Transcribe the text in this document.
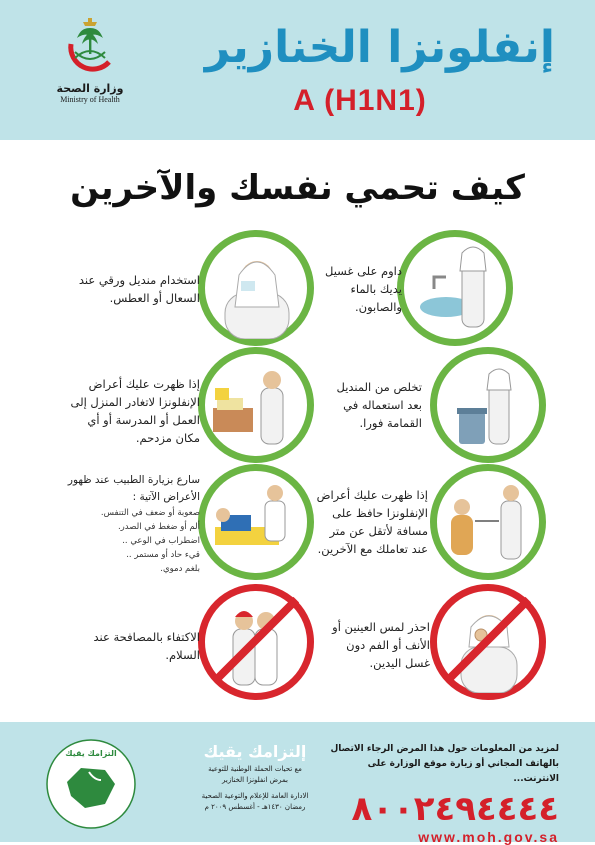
وزارة الصحة
Ministry of Health
إنفلونزا الخنازير
A (H1N1)
كيف تحمي نفسك والآخرين
داوم على غسيل يديك بالماء والصابون.
استخدام منديل ورقي عند السعال أو العطس.
تخلص من المنديل بعد استعماله في القمامة فورا.
إذا ظهرت عليك أعراض الإنفلونزا لاتغادر المنزل إلى العمل أو المدرسة أو أي مكان مزدحم.
إذا ظهرت عليك أعراض الإنفلونزا حافظ على مسافة لأتقل عن متر عند تعاملك مع الآخرين.
سارع بزيارة الطبيب عند ظهور الأعراض الآتية :
صعوبة أو ضعف في التنفس.
ألم أو ضغط في الصدر.
اضطراب في الوعي ..
قيء حاد أو مستمر ..
بلغم دموي.
احذر لمس العينين أو الأنف أو الفم دون غسل اليدين.
الاكتفاء بالمصافحة عند السلام.
التزامك يقيك	إلتزامك يقيك
مع تحيات الحملة الوطنية للتوعية
بمرض انفلونزا الخنازير
الادارة العامة للإعلام والتوعية الصحية
رمضان ١٤٣٠هـ - أغسطس ٢٠٠٩ م
لمزيد من المعلومات حول هذا المرض الرجاء الاتصال
بالهاتف المجاني أو زيارة موقع الوزارة على الانترنت...
٨٠٠٢٤٩٤٤٤٤
www.moh.gov.sa
